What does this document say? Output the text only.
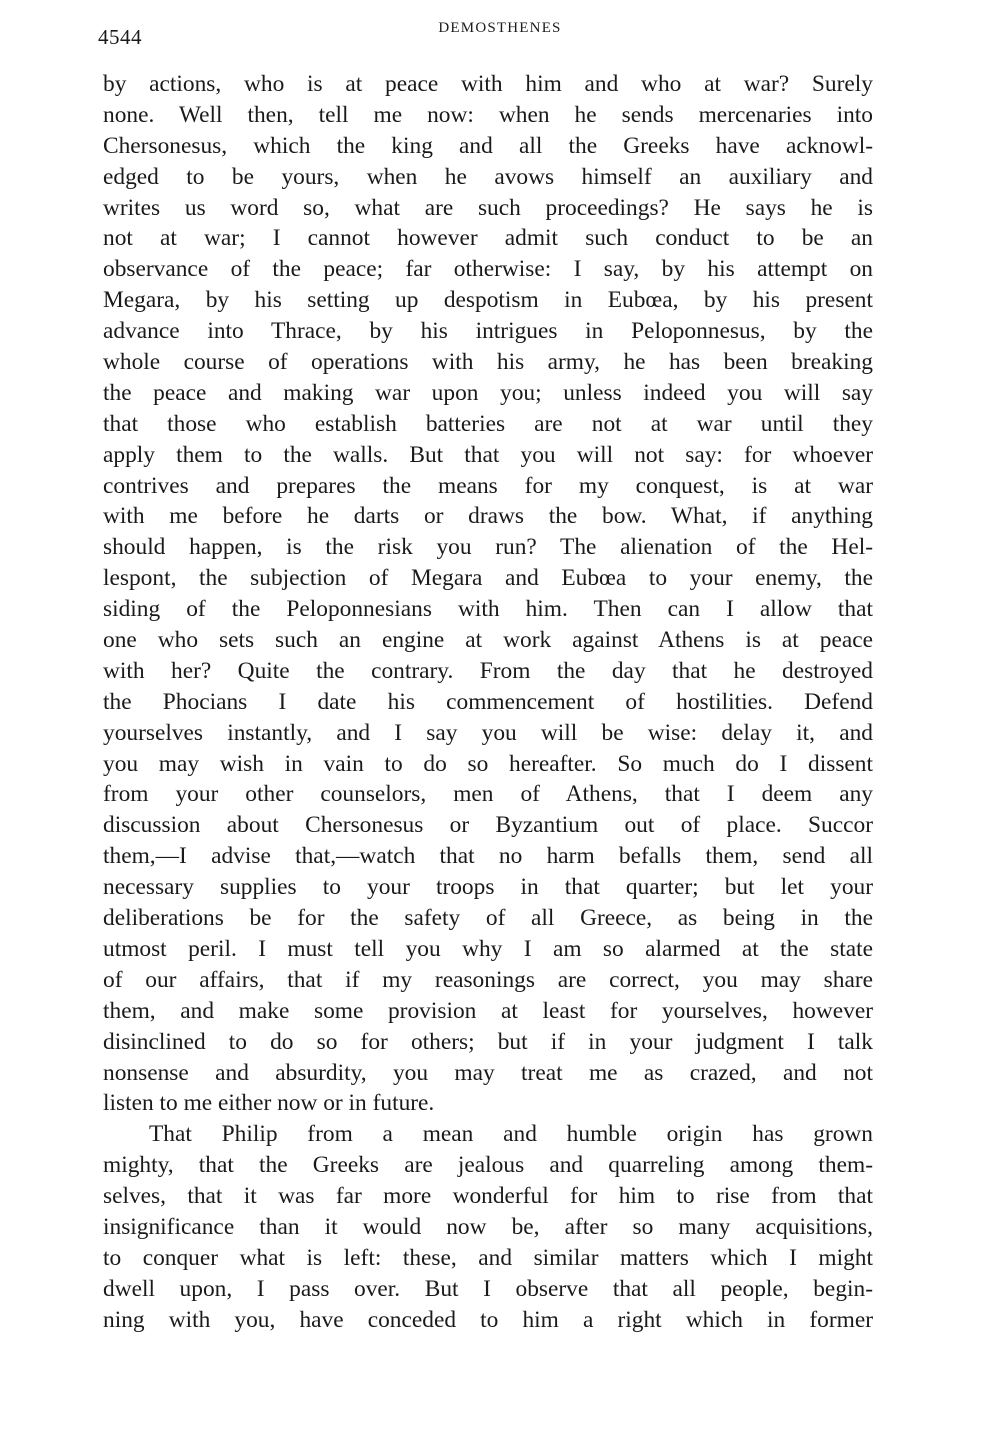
4544	DEMOSTHENES
by actions, who is at peace with him and who at war? Surely
none. Well then, tell me now: when he sends mercenaries into
Chersonesus, which the king and all the Greeks have acknowl-
edged to be yours, when he avows himself an auxiliary and
writes us word so, what are such proceedings? He says he is
not at war; I cannot however admit such conduct to be an
observance of the peace; far otherwise: I say, by his attempt on
Megara, by his setting up despotism in Eubœa, by his present
advance into Thrace, by his intrigues in Peloponnesus, by the
whole course of operations with his army, he has been breaking
the peace and making war upon you; unless indeed you will say
that those who establish batteries are not at war until they
apply them to the walls. But that you will not say: for whoever
contrives and prepares the means for my conquest, is at war
with me before he darts or draws the bow. What, if anything
should happen, is the risk you run? The alienation of the Hel-
lespont, the subjection of Megara and Eubœa to your enemy, the
siding of the Peloponnesians with him. Then can I allow that
one who sets such an engine at work against Athens is at peace
with her? Quite the contrary. From the day that he destroyed
the Phocians I date his commencement of hostilities. Defend
yourselves instantly, and I say you will be wise: delay it, and
you may wish in vain to do so hereafter. So much do I dissent
from your other counselors, men of Athens, that I deem any
discussion about Chersonesus or Byzantium out of place. Succor
them,—I advise that,—watch that no harm befalls them, send all
necessary supplies to your troops in that quarter; but let your
deliberations be for the safety of all Greece, as being in the
utmost peril. I must tell you why I am so alarmed at the state
of our affairs, that if my reasonings are correct, you may share
them, and make some provision at least for yourselves, however
disinclined to do so for others; but if in your judgment I talk
nonsense and absurdity, you may treat me as crazed, and not
listen to me either now or in future.
That Philip from a mean and humble origin has grown
mighty, that the Greeks are jealous and quarreling among them-
selves, that it was far more wonderful for him to rise from that
insignificance than it would now be, after so many acquisitions,
to conquer what is left: these, and similar matters which I might
dwell upon, I pass over. But I observe that all people, begin-
ning with you, have conceded to him a right which in former
